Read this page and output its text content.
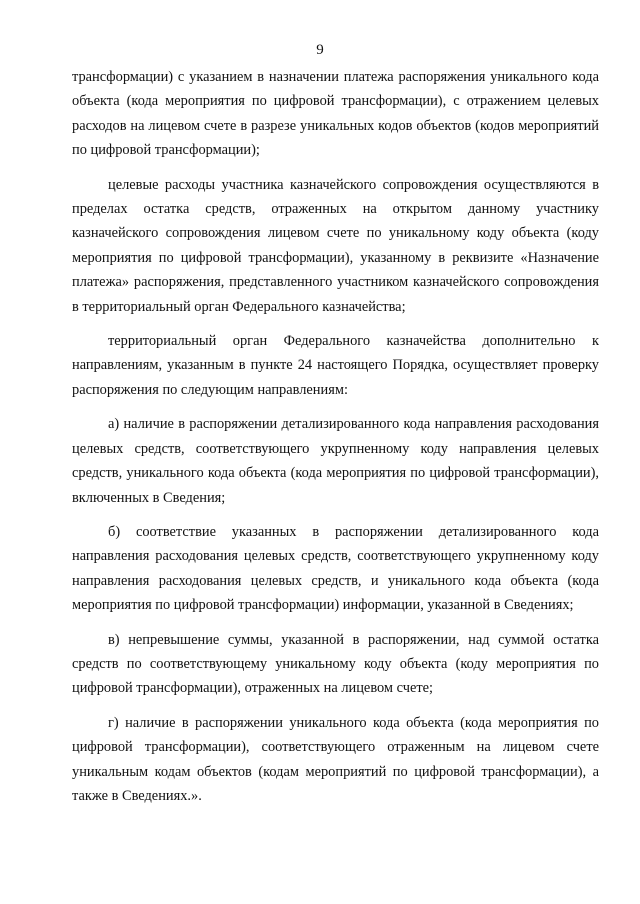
9

трансформации) с указанием в назначении платежа распоряжения уникального кода объекта (кода мероприятия по цифровой трансформации), с отражением целевых расходов на лицевом счете в разрезе уникальных кодов объектов (кодов мероприятий по цифровой трансформации);

целевые расходы участника казначейского сопровождения осуществляются в пределах остатка средств, отраженных на открытом данному участнику казначейского сопровождения лицевом счете по уникальному коду объекта (коду мероприятия по цифровой трансформации), указанному в реквизите «Назначение платежа» распоряжения, представленного участником казначейского сопровождения в территориальный орган Федерального казначейства;

территориальный орган Федерального казначейства дополнительно к направлениям, указанным в пункте 24 настоящего Порядка, осуществляет проверку распоряжения по следующим направлениям:

а) наличие в распоряжении детализированного кода направления расходования целевых средств, соответствующего укрупненному коду направления целевых средств, уникального кода объекта (кода мероприятия по цифровой трансформации), включенных в Сведения;

б) соответствие указанных в распоряжении детализированного кода направления расходования целевых средств, соответствующего укрупненному коду направления расходования целевых средств, и уникального кода объекта (кода мероприятия по цифровой трансформации) информации, указанной в Сведениях;

в) непревышение суммы, указанной в распоряжении, над суммой остатка средств по соответствующему уникальному коду объекта (коду мероприятия по цифровой трансформации), отраженных на лицевом счете;

г) наличие в распоряжении уникального кода объекта (кода мероприятия по цифровой трансформации), соответствующего отраженным на лицевом счете уникальным кодам объектов (кодам мероприятий по цифровой трансформации), а также в Сведениях.».
